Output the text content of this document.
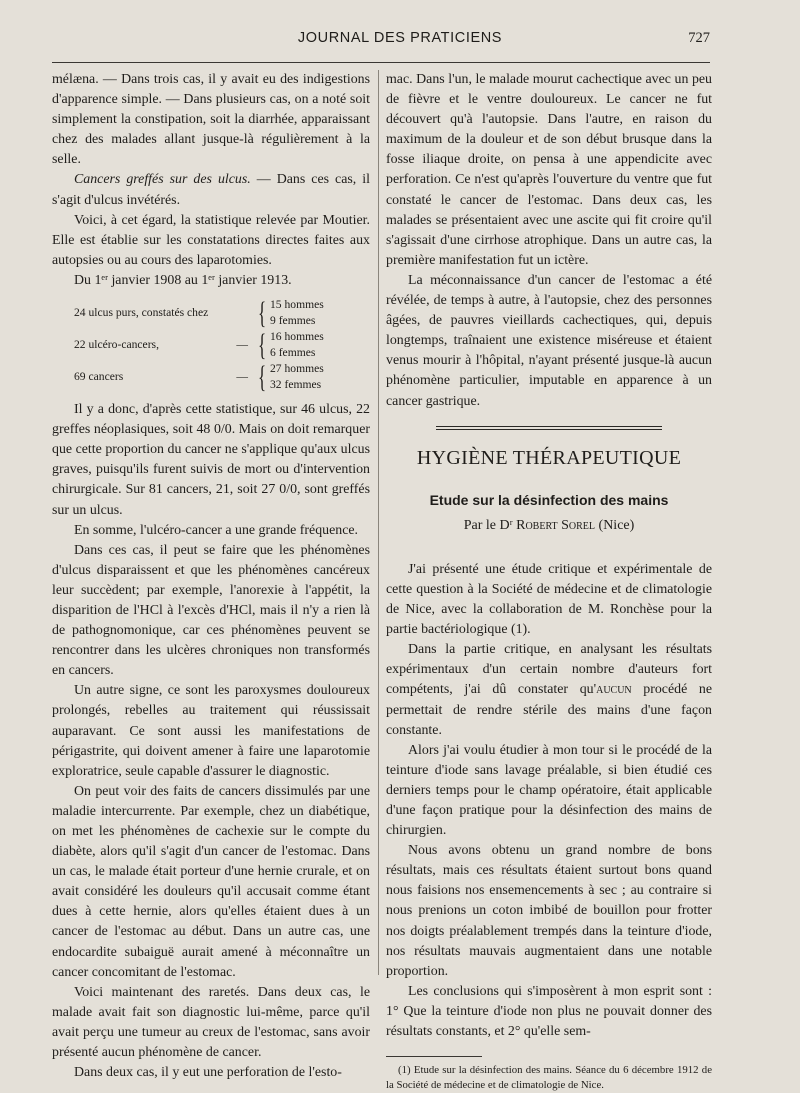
JOURNAL DES PRATICIENS	727

mélæna. — Dans trois cas, il y avait eu des indigestions d'apparence simple. — Dans plusieurs cas, on a noté soit simplement la constipation, soit la diarrhée, apparaissant chez des malades allant jusque-là régulièrement à la selle.

Cancers greffés sur des ulcus. — Dans ces cas, il s'agit d'ulcus invétérés.

Voici, à cet égard, la statistique relevée par Moutier. Elle est établie sur les constatations directes faites aux autopsies ou au cours des laparotomies.

Du 1ᵉʳ janvier 1908 au 1ᵉʳ janvier 1913.

24 ulcus purs, constatés chez	{ 15 hommes
9 femmes
22 ulcéro-cancers,	— { 16 hommes
6 femmes
69 cancers	— { 27 hommes
32 femmes

Il y a donc, d'après cette statistique, sur 46 ulcus, 22 greffes néoplasiques, soit 48 0/0. Mais on doit remarquer que cette proportion du cancer ne s'applique qu'aux ulcus graves, puisqu'ils furent suivis de mort ou d'intervention chirurgicale. Sur 81 cancers, 21, soit 27 0/0, sont greffés sur un ulcus.

En somme, l'ulcéro-cancer a une grande fréquence.

Dans ces cas, il peut se faire que les phénomènes d'ulcus disparaissent et que les phénomènes cancéreux leur succèdent; par exemple, l'anorexie à l'appétit, la disparition de l'HCl à l'excès d'HCl, mais il n'y a rien là de pathognomonique, car ces phénomènes peuvent se rencontrer dans les ulcères chroniques non transformés en cancers.

Un autre signe, ce sont les paroxysmes douloureux prolongés, rebelles au traitement qui réussissait auparavant. Ce sont aussi les manifestations de périgastrite, qui doivent amener à faire une laparotomie exploratrice, seule capable d'assurer le diagnostic.

On peut voir des faits de cancers dissimulés par une maladie intercurrente. Par exemple, chez un diabétique, on met les phénomènes de cachexie sur le compte du diabète, alors qu'il s'agit d'un cancer de l'estomac. Dans un cas, le malade était porteur d'une hernie crurale, et on avait considéré les douleurs qu'il accusait comme étant dues à cette hernie, alors qu'elles étaient dues à un cancer de l'estomac au début. Dans un autre cas, une endocardite subaiguë aurait amené à méconnaître un cancer concomitant de l'estomac.

Voici maintenant des raretés. Dans deux cas, le malade avait fait son diagnostic lui-même, parce qu'il avait perçu une tumeur au creux de l'estomac, sans avoir présenté aucun phénomène de cancer.

Dans deux cas, il y eut une perforation de l'esto-

mac. Dans l'un, le malade mourut cachectique avec un peu de fièvre et le ventre douloureux. Le cancer ne fut découvert qu'à l'autopsie. Dans l'autre, en raison du maximum de la douleur et de son début brusque dans la fosse iliaque droite, on pensa à une appendicite avec perforation. Ce n'est qu'après l'ouverture du ventre que fut constaté le cancer de l'estomac. Dans deux cas, les malades se présentaient avec une ascite qui fit croire qu'il s'agissait d'une cirrhose atrophique. Dans un autre cas, la première manifestation fut un ictère.

La méconnaissance d'un cancer de l'estomac a été révélée, de temps à autre, à l'autopsie, chez des personnes âgées, de pauvres vieillards cachectiques, qui, depuis longtemps, traînaient une existence miséreuse et étaient venus mourir à l'hôpital, n'ayant présenté jusque-là aucun phénomène particulier, imputable en apparence à un cancer gastrique.

HYGIÈNE THÉRAPEUTIQUE
Etude sur la désinfection des mains
Par le Dʳ Robert Sorel (Nice)

J'ai présenté une étude critique et expérimentale de cette question à la Société de médecine et de climatologie de Nice, avec la collaboration de M. Ronchèse pour la partie bactériologique (1).

Dans la partie critique, en analysant les résultats expérimentaux d'un certain nombre d'auteurs fort compétents, j'ai dû constater qu'aucun procédé ne permettait de rendre stérile des mains d'une façon constante.

Alors j'ai voulu étudier à mon tour si le procédé de la teinture d'iode sans lavage préalable, si bien étudié ces derniers temps pour le champ opératoire, était applicable d'une façon pratique pour la désinfection des mains de chirurgien.

Nous avons obtenu un grand nombre de bons résultats, mais ces résultats étaient surtout bons quand nous faisions nos ensemencements à sec ; au contraire si nous prenions un coton imbibé de bouillon pour frotter nos doigts préalablement trempés dans la teinture d'iode, nos résultats mauvais augmentaient dans une notable proportion.

Les conclusions qui s'imposèrent à mon esprit sont : 1° Que la teinture d'iode non plus ne pouvait donner des résultats constants, et 2° qu'elle sem-

(1) Etude sur la désinfection des mains. Séance du 6 décembre 1912 de la Société de médecine et de climatologie de Nice.
